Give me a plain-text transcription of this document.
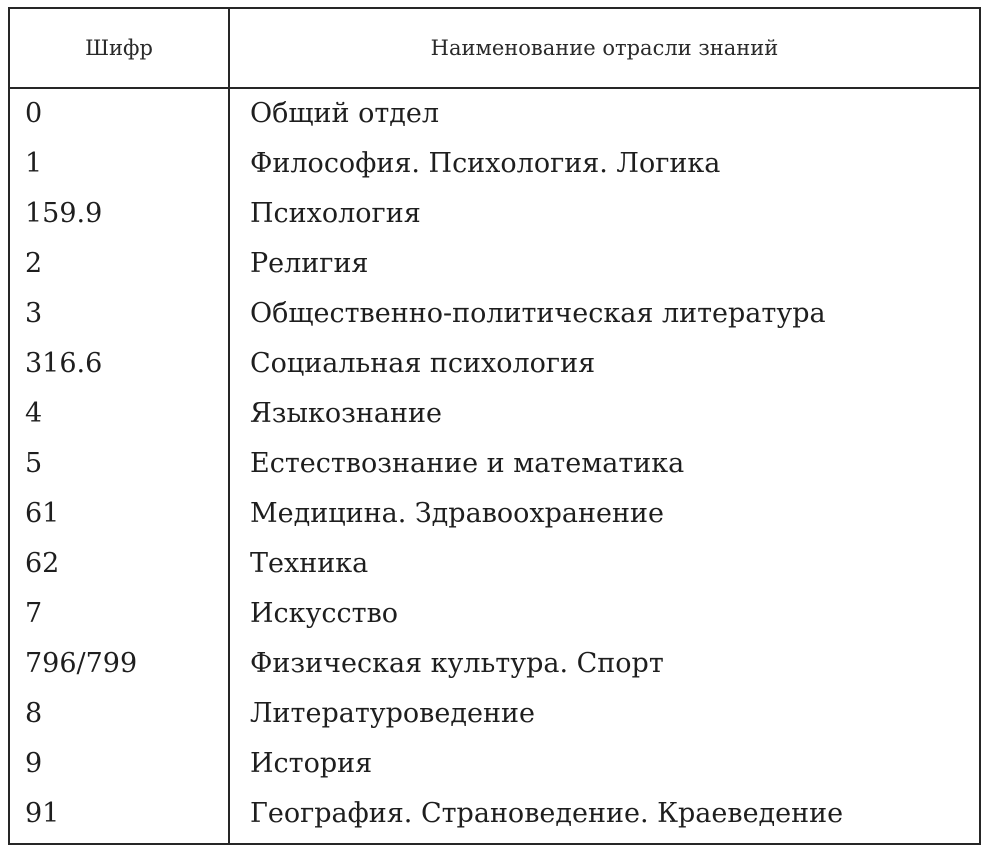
Шифр	Наименование отрасли знаний
0	Общий отдел
1	Философия. Психология. Логика
159.9	Психология
2	Религия
3	Общественно-политическая литература
316.6	Социальная психология
4	Языкознание
5	Естествознание и математика
61	Медицина. Здравоохранение
62	Техника
7	Искусство
796/799	Физическая культура. Спорт
8	Литературоведение
9	История
91	География. Страноведение. Краеведение
